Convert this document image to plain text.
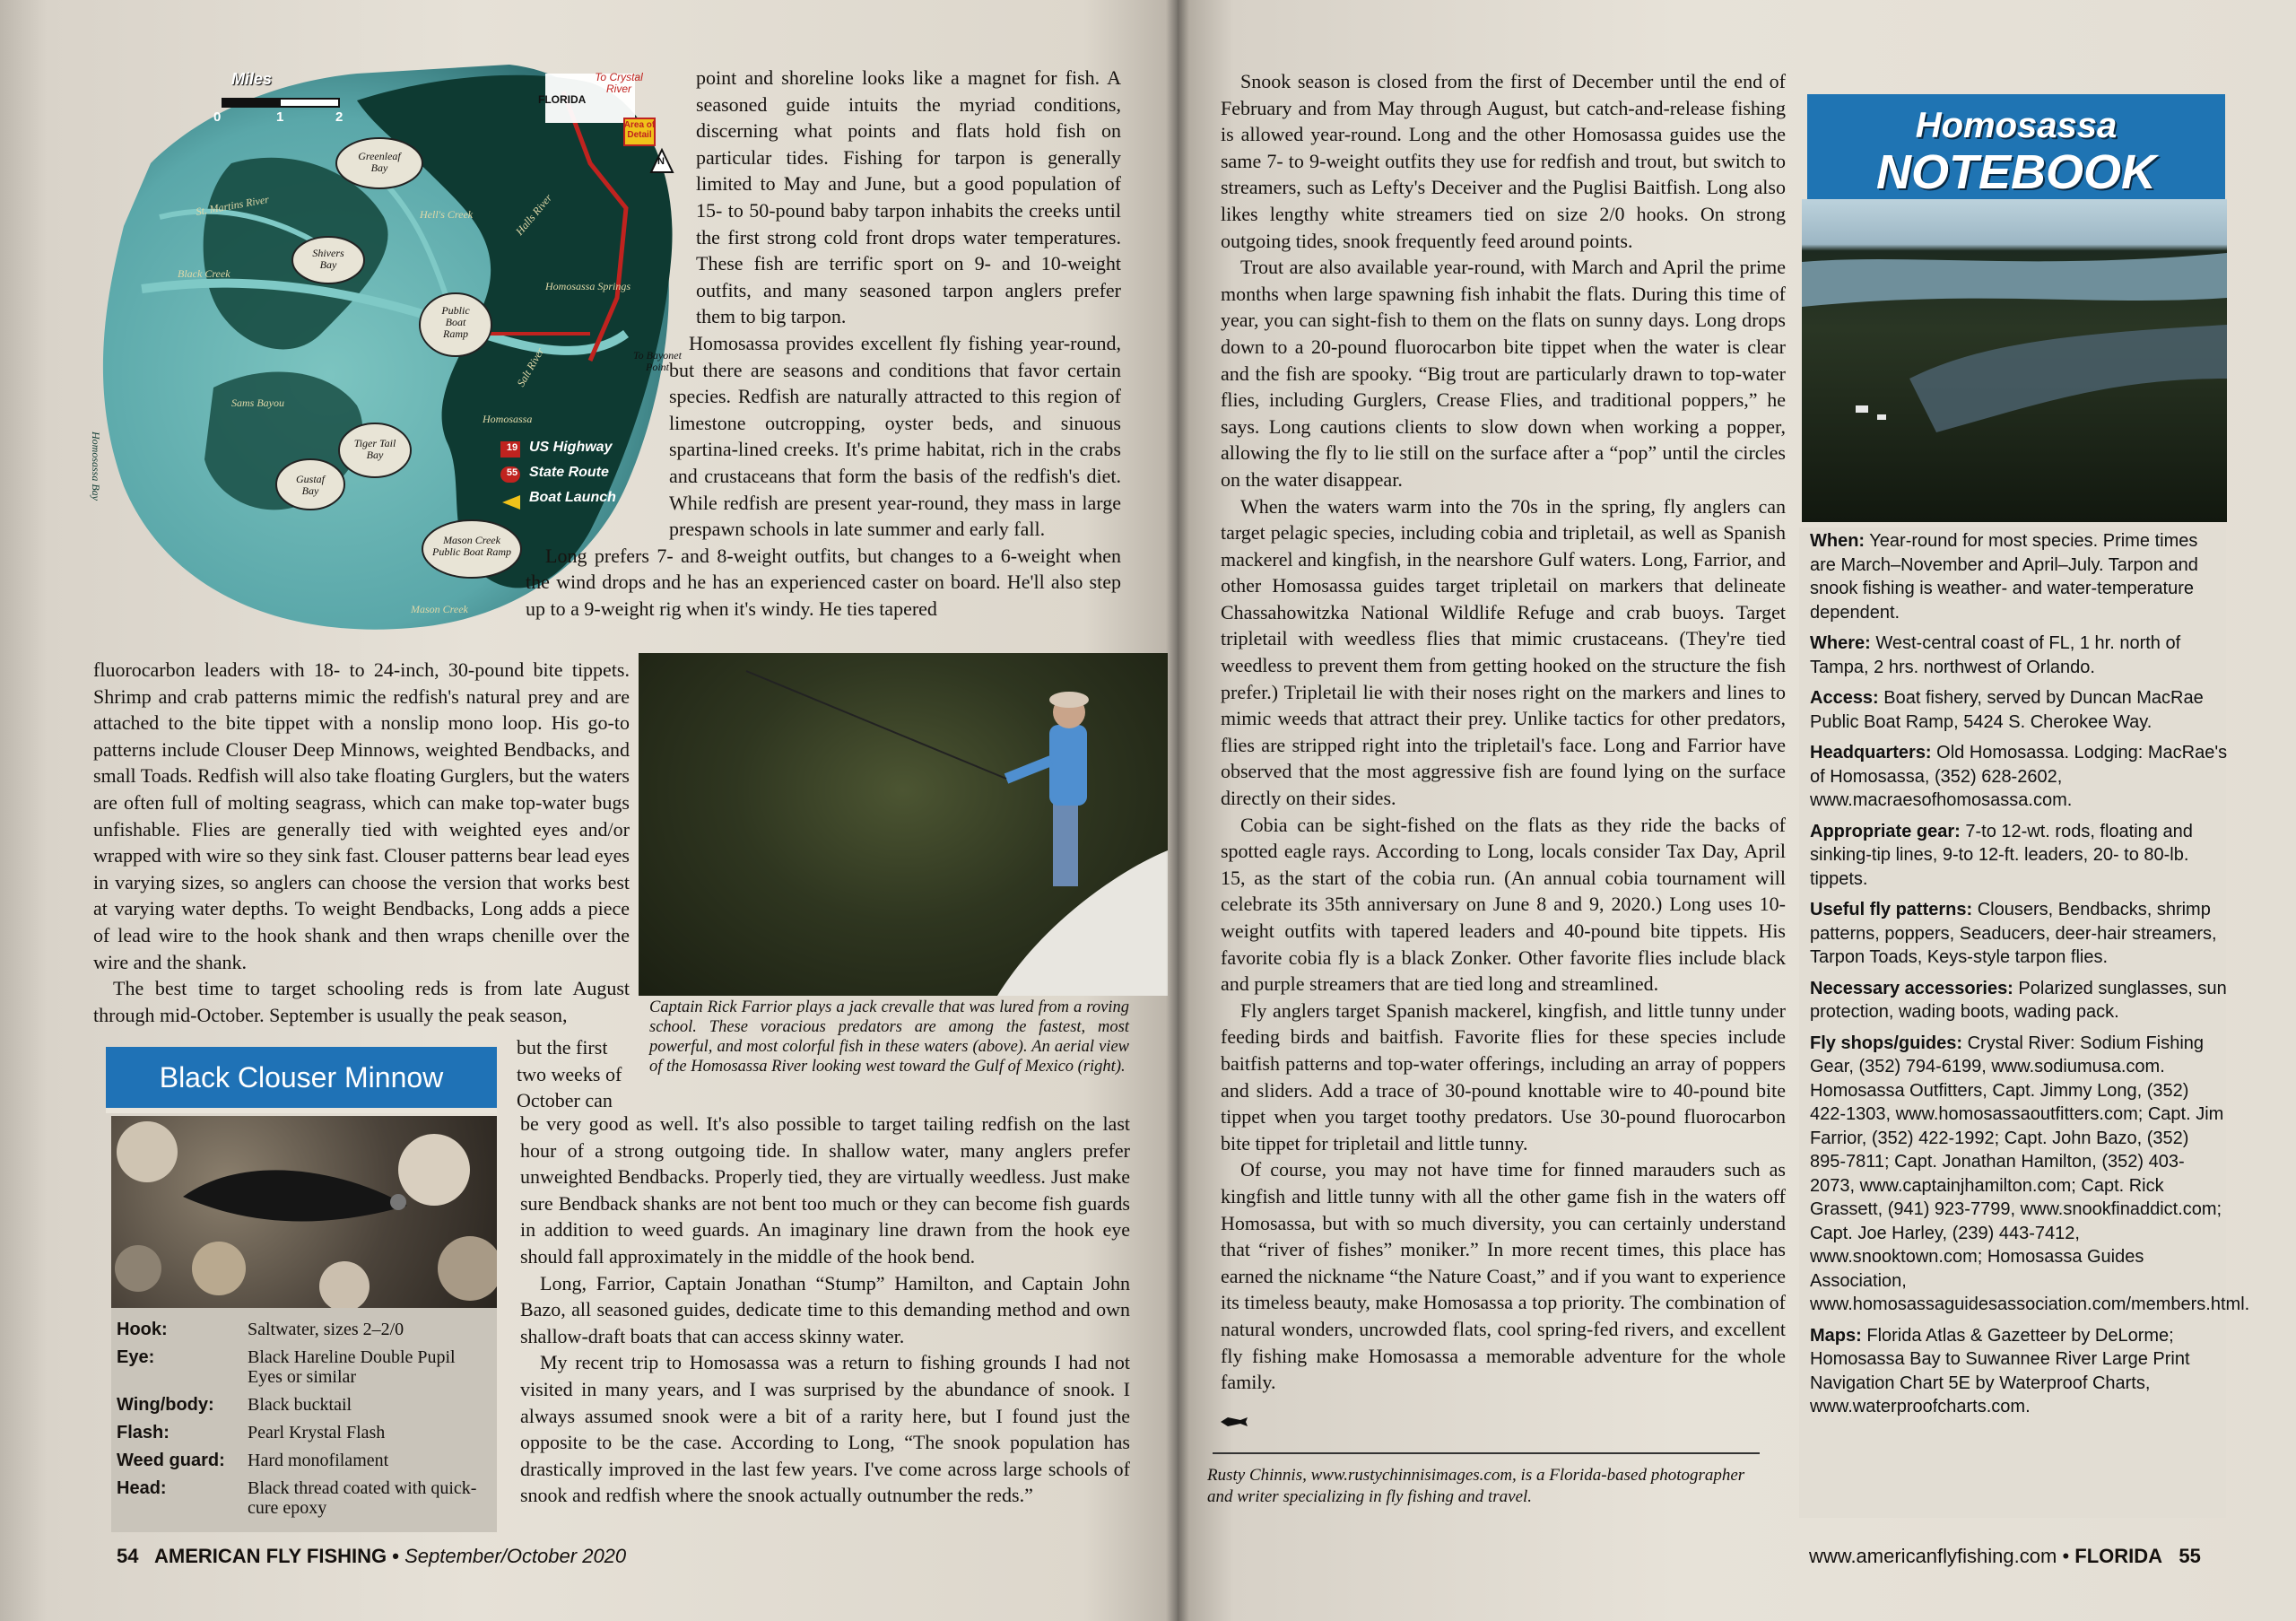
Miles
0	1	2
N
FLORIDA
To Crystal River
Area of Detail
Greenleaf Bay
Shivers Bay
Public Boat Ramp
Tiger Tail Bay
Gustaf Bay
Mason Creek Public Boat Ramp
Homosassa Springs
Homosassa
To Bayonet Point
Homosassa Bay
Sams Bayou
Salt River
Halls River
St. Martins River
Mason Creek
Black Creek
Hell's Creek
19
55
US Highway
State Route
Boat Launch

point and shoreline looks like a magnet for fish. A seasoned guide intuits the myriad conditions, discerning what points and flats hold fish on particular tides. Fishing for tarpon is generally limited to May and June, but a good population of 15- to 50-pound baby tarpon inhabits the creeks until the first strong cold front drops water temperatures. These fish are terrific sport on 9- and 10-weight outfits, and many seasoned tarpon anglers prefer them to big tarpon.

Homosassa provides excellent fly fishing year-round, but there are seasons and conditions that favor certain species. Redfish are naturally attracted to this region of limestone outcropping, oyster beds, and sinuous spartina-lined creeks. It's prime habitat, rich in the crabs and crustaceans that form the basis of the redfish's diet. While redfish are present year-round, they mass in large prespawn schools in late summer and early fall.

Long prefers 7- and 8-weight outfits, but changes to a 6-weight when the wind drops and he has an experienced caster on board. He'll also step up to a 9-weight rig when it's windy. He ties tapered

fluorocarbon leaders with 18- to 24-inch, 30-pound bite tippets. Shrimp and crab patterns mimic the redfish's natural prey and are attached to the bite tippet with a nonslip mono loop. His go-to patterns include Clouser Deep Minnows, weighted Bendbacks, and small Toads. Redfish will also take floating Gurglers, but the waters are often full of molting seagrass, which can make top-water bugs unfishable. Flies are generally tied with weighted eyes and/or wrapped with wire so they sink fast. Clouser patterns bear lead eyes in varying sizes, so anglers can choose the version that works best at varying water depths. To weight Bendbacks, Long adds a piece of lead wire to the hook shank and then wraps chenille over the wire and the shank.

The best time to target schooling reds is from late August through mid-October. September is usually the peak season,	Captain Rick Farrior plays a jack crevalle that was lured from a roving school. These voracious predators are among the fastest, most powerful, and most colorful fish in these waters (above). An aerial view of the Homosassa River looking west toward the Gulf of Mexico (right).
but the first two weeks of October can

be very good as well. It's also possible to target tailing redfish on the last hour of a strong outgoing tide. In shallow water, many anglers prefer unweighted Bendbacks. Properly tied, they are virtually weedless. Just make sure Bendback shanks are not bent too much or they can become fish guards in addition to weed guards. An imaginary line drawn from the hook eye should fall approximately in the middle of the hook bend.

Long, Farrior, Captain Jonathan “Stump” Hamilton, and Captain John Bazo, all seasoned guides, dedicate time to this demanding method and own shallow-draft boats that can access skinny water.

My recent trip to Homosassa was a return to fishing grounds I had not visited in many years, and I was surprised by the abundance of snook. I always assumed snook were a bit of a rarity here, but I found just the opposite to be the case. According to Long, “The snook population has drastically improved in the last few years. I've come across large schools of snook and redfish where the snook actually outnumber the reds.”

Black Clouser Minnow
Hook:	Saltwater, sizes 2–2/0
Eye:	Black Hareline Double Pupil Eyes or similar
Wing/body:	Black bucktail
Flash:	Pearl Krystal Flash
Weed guard:	Hard monofilament
Head:	Black thread coated with quick-cure epoxy
54 AMERICAN FLY FISHING • September/October 2020

Snook season is closed from the first of December until the end of February and from May through August, but catch-and-release fishing is allowed year-round. Long and the other Homosassa guides use the same 7- to 9-weight outfits they use for redfish and trout, but switch to streamers, such as Lefty's Deceiver and the Puglisi Baitfish. Long also likes lengthy white streamers tied on size 2/0 hooks. On strong outgoing tides, snook frequently feed around points.

Trout are also available year-round, with March and April the prime months when large spawning fish inhabit the flats. During this time of year, you can sight-fish to them on the flats on sunny days. Long drops down to a 20-pound fluorocarbon bite tippet when the water is clear and the fish are spooky. “Big trout are particularly drawn to top-water flies, including Gurglers, Crease Flies, and traditional poppers,” he says. Long cautions clients to slow down when working a popper, allowing the fly to lie still on the surface after a “pop” until the circles on the water disappear.

When the waters warm into the 70s in the spring, fly anglers can target pelagic species, including cobia and tripletail, as well as Spanish mackerel and kingfish, in the nearshore Gulf waters. Long, Farrior, and other Homosassa guides target tripletail on markers that delineate Chassahowitzka National Wildlife Refuge and crab buoys. Target tripletail with weedless flies that mimic crustaceans. (They're tied weedless to prevent them from getting hooked on the structure the fish prefer.) Tripletail lie with their noses right on the markers and lines to mimic weeds that attract their prey. Unlike tactics for other predators, flies are stripped right into the tripletail's face. Long and Farrior have observed that the most aggressive fish are found lying on the surface directly on their sides.

Cobia can be sight-fished on the flats as they ride the backs of spotted eagle rays. According to Long, locals consider Tax Day, April 15, as the start of the cobia run. (An annual cobia tournament will celebrate its 35th anniversary on June 8 and 9, 2020.) Long uses 10-weight outfits with tapered leaders and 40-pound bite tippets. His favorite cobia fly is a black Zonker. Other favorite flies include black and purple streamers that are tied long and streamlined.

Fly anglers target Spanish mackerel, kingfish, and little tunny under feeding birds and baitfish. Favorite flies for these species include baitfish patterns and top-water offerings, including an array of poppers and sliders. Add a trace of 30-pound knottable wire to 40-pound bite tippet when you target toothy predators. Use 30-pound fluorocarbon bite tippet for tripletail and little tunny.

Of course, you may not have time for finned marauders such as kingfish and little tunny with all the other game fish in the waters off Homosassa, but with so much diversity, you can certainly understand that “river of fishes” moniker.” In more recent times, this place has earned the nickname “the Nature Coast,” and if you want to experience its timeless beauty, make Homosassa a top priority. The combination of natural wonders, uncrowded flats, cool spring-fed rivers, and excellent fly fishing make Homosassa a memorable adventure for the whole family.

Rusty Chinnis, www.rustychinnisimages.com, is a Florida-based photographer and writer specializing in fly fishing and travel.
Homosassa
NOTEBOOK
When: Year-round for most species. Prime times are March–November and April–July. Tarpon and snook fishing is weather- and water-temperature dependent.
Where: West-central coast of FL, 1 hr. north of Tampa, 2 hrs. northwest of Orlando.
Access: Boat fishery, served by Duncan MacRae Public Boat Ramp, 5424 S. Cherokee Way.
Headquarters: Old Homosassa. Lodging: MacRae's of Homosassa, (352) 628-2602, www.macraesofhomosassa.com.
Appropriate gear: 7-to 12-wt. rods, floating and sinking-tip lines, 9-to 12-ft. leaders, 20- to 80-lb. tippets.
Useful fly patterns: Clousers, Bendbacks, shrimp patterns, poppers, Seaducers, deer-hair streamers, Tarpon Toads, Keys-style tarpon flies.
Necessary accessories: Polarized sunglasses, sun protection, wading boots, wading pack.
Fly shops/guides: Crystal River: Sodium Fishing Gear, (352) 794-6199, www.sodiumusa.com. Homosassa Outfitters, Capt. Jimmy Long, (352) 422-1303, www.homosassaoutfitters.com; Capt. Jim Farrior, (352) 422-1992; Capt. John Bazo, (352) 895-7811; Capt. Jonathan Hamilton, (352) 403-2073, www.captainjhamilton.com; Capt. Rick Grassett, (941) 923-7799, www.snookfinaddict.com; Capt. Joe Harley, (239) 443-7412, www.snooktown.com; Homosassa Guides Association, www.homosassaguidesassociation.com/members.html.
Maps: Florida Atlas & Gazetteer by DeLorme; Homosassa Bay to Suwannee River Large Print Navigation Chart 5E by Waterproof Charts, www.waterproofcharts.com.
www.americanflyfishing.com • FLORIDA 55
